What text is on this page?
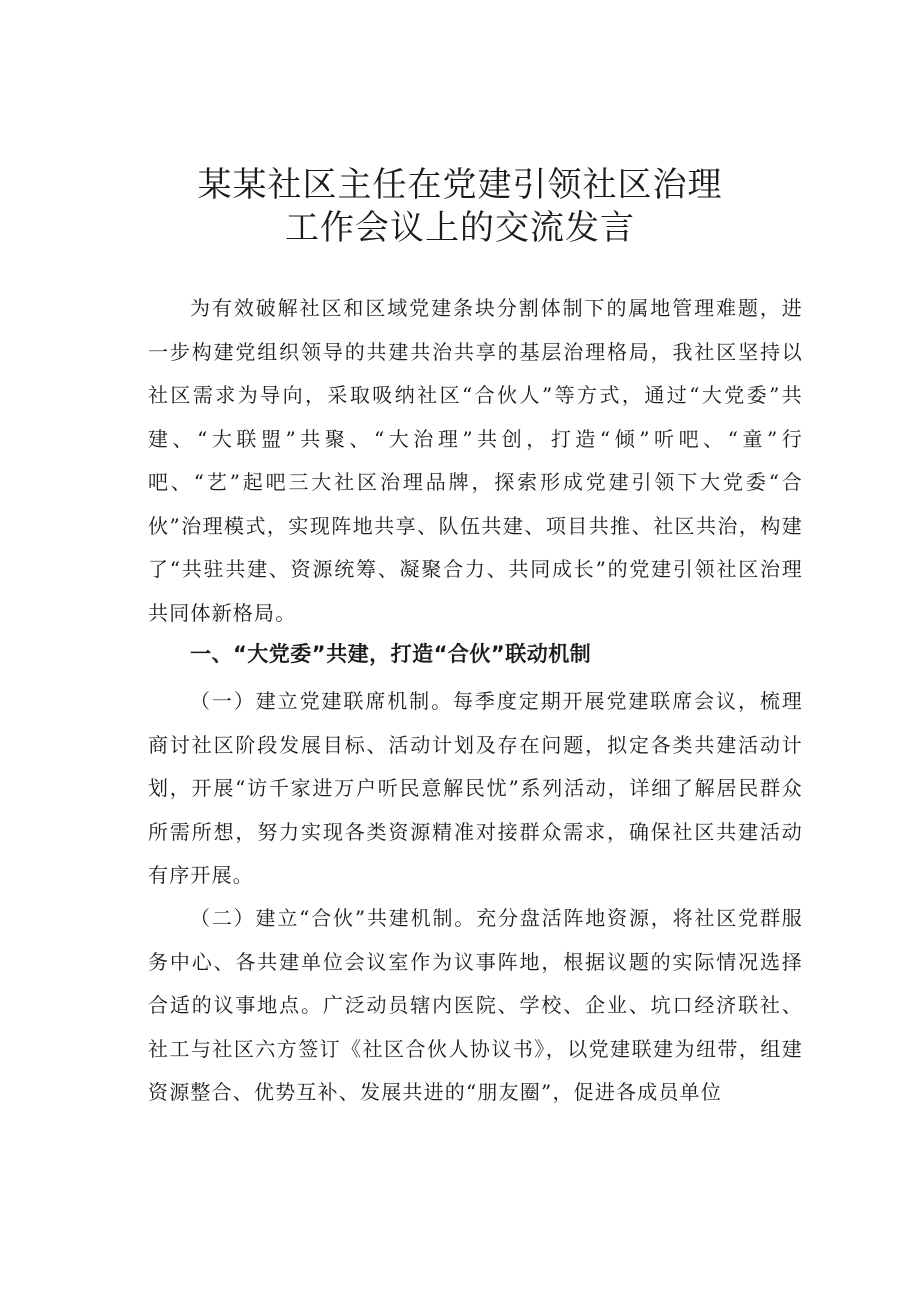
某某社区主任在党建引领社区治理
工作会议上的交流发言

为有效破解社区和区域党建条块分割体制下的属地管理难题，进一步构建党组织领导的共建共治共享的基层治理格局，我社区坚持以社区需求为导向，采取吸纳社区“合伙人”等方式，通过“大党委”共建、“大联盟”共聚、“大治理”共创，打造“倾”听吧、“童”行吧、“艺”起吧三大社区治理品牌，探索形成党建引领下大党委“合伙”治理模式，实现阵地共享、队伍共建、项目共推、社区共治，构建了“共驻共建、资源统筹、凝聚合力、共同成长”的党建引领社区治理共同体新格局。

一、“大党委”共建，打造“合伙”联动机制

（一）建立党建联席机制。每季度定期开展党建联席会议，梳理商讨社区阶段发展目标、活动计划及存在问题，拟定各类共建活动计划，开展“访千家进万户听民意解民忧”系列活动，详细了解居民群众所需所想，努力实现各类资源精准对接群众需求，确保社区共建活动有序开展。

（二）建立“合伙”共建机制。充分盘活阵地资源，将社区党群服务中心、各共建单位会议室作为议事阵地，根据议题的实际情况选择合适的议事地点。广泛动员辖内医院、学校、企业、坑口经济联社、社工与社区六方签订《社区合伙人协议书》，以党建联建为纽带，组建资源整合、优势互补、发展共进的“朋友圈”，促进各成员单位
